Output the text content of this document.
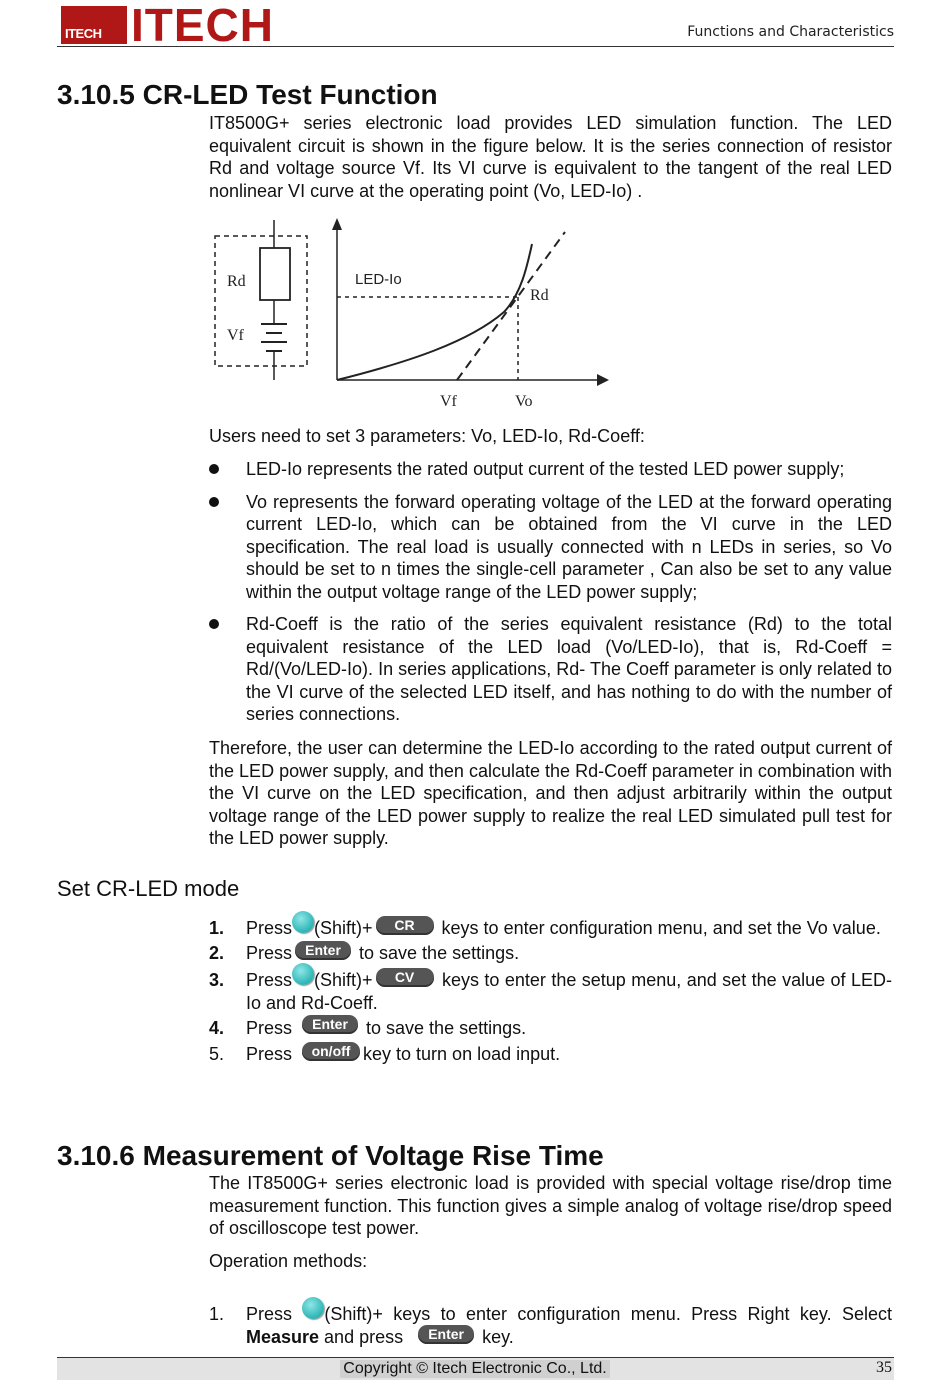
ITECH ITECH	Functions and Characteristics
3.10.5 CR-LED Test Function

IT8500G+ series electronic load provides LED simulation function. The LED equivalent circuit is shown in the figure below. It is the series connection of resistor Rd and voltage source Vf. Its VI curve is equivalent to the tangent of the real LED nonlinear VI curve at the operating point (Vo, LED-Io) .

Rd
Vf
LED-Io
Rd
Vf	Vo

Users need to set 3 parameters: Vo, LED-Io, Rd-Coeff:

LED-Io represents the rated output current of the tested LED power supply;
Vo represents the forward operating voltage of the LED at the forward operating current LED-Io, which can be obtained from the VI curve in the LED specification. The real load is usually connected with n LEDs in series, so Vo should be set to n times the single-cell parameter , Can also be set to any value within the output voltage range of the LED power supply;
Rd-Coeff is the ratio of the series equivalent resistance (Rd) to the total equivalent resistance of the LED load (Vo/LED-Io), that is, Rd-Coeff = Rd/(Vo/LED-Io). In series applications, Rd- The Coeff parameter is only related to the VI curve of the selected LED itself, and has nothing to do with the number of series connections.

Therefore, the user can determine the LED-Io according to the rated output current of the LED power supply, and then calculate the Rd-Coeff parameter in combination with the VI curve on the LED specification, and then adjust arbitrarily within the output voltage range of the LED power supply to realize the real LED simulated pull test for the LED power supply.

Set CR-LED mode

1. Press (Shift)+ CR keys to enter configuration menu, and set the Vo value.
2. Press Enter to save the settings.
3. Press (Shift)+ CV keys to enter the setup menu, and set the value of LED-Io and Rd-Coeff.
4. Press Enter to save the settings.
5. Press on/off key to turn on load input.
3.10.6 Measurement of Voltage Rise Time

The IT8500G+ series electronic load is provided with special voltage rise/drop time measurement function. This function gives a simple analog of voltage rise/drop speed of oscilloscope test power.

Operation methods:

1. Press (Shift)+ keys to enter configuration menu. Press Right key. Select Measure and press Enter key.
Copyright © Itech Electronic Co., Ltd.	35
